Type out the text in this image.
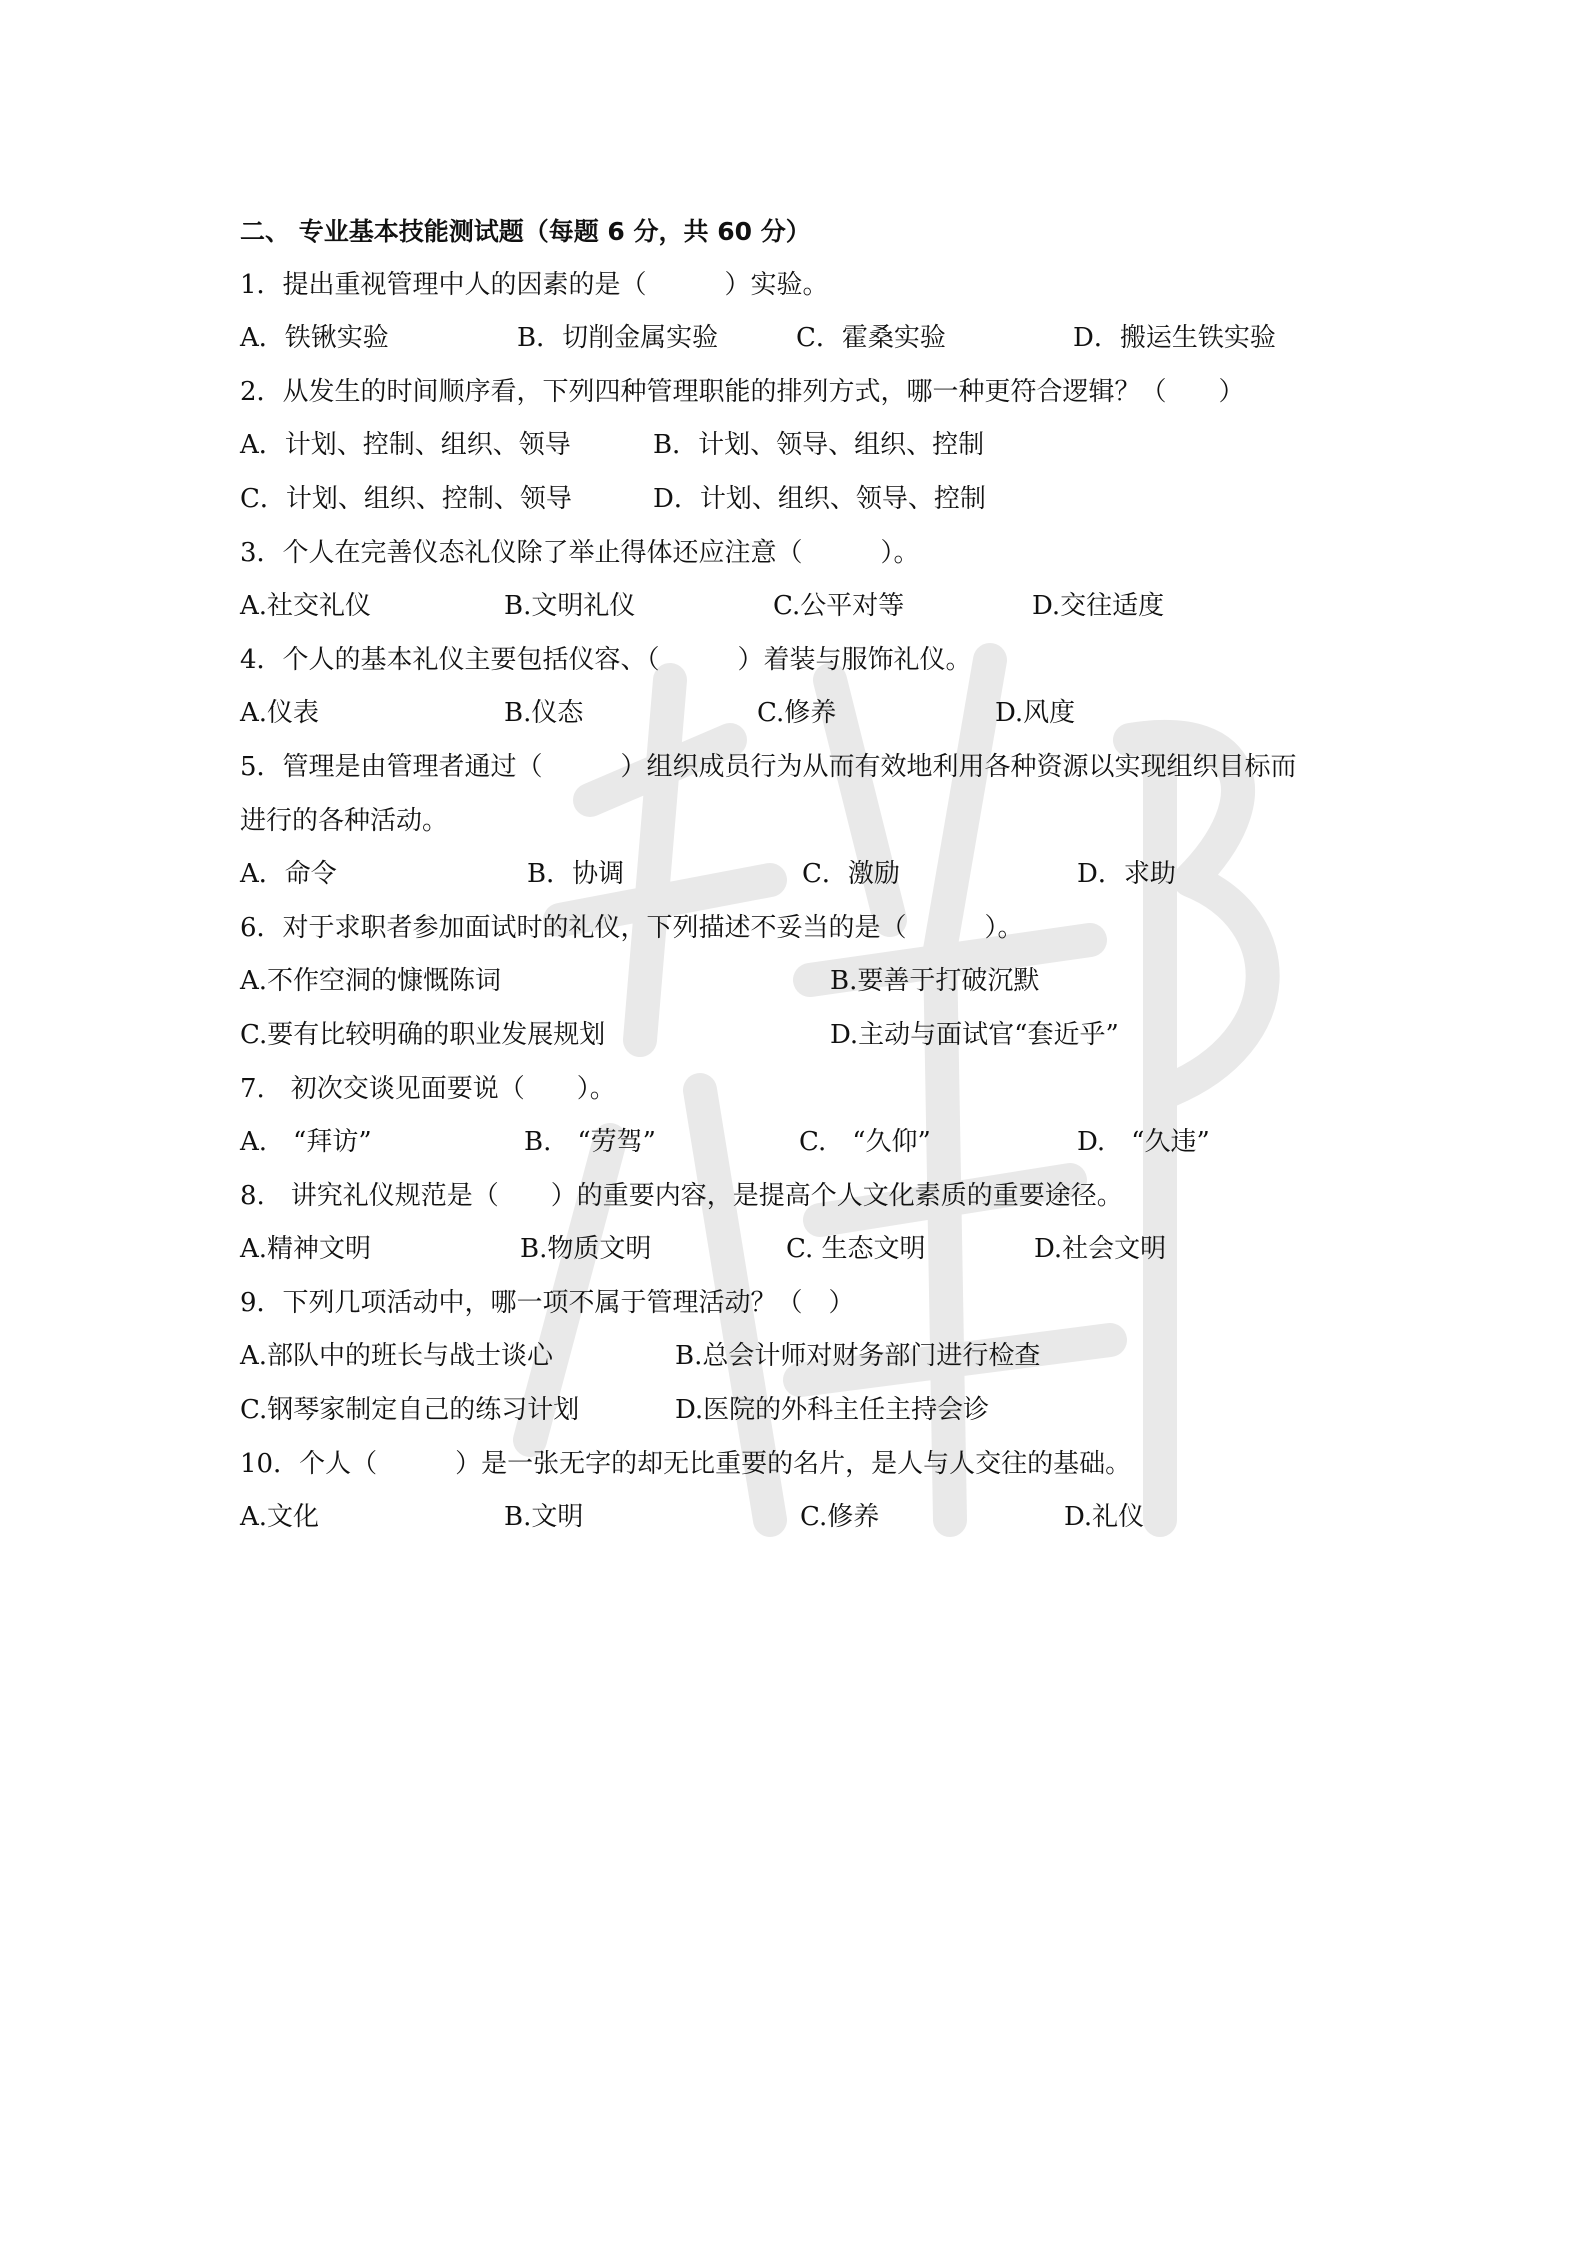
二、 专业基本技能测试题（每题 6 分，共 60 分）
1．提出重视管理中人的因素的是（　　　）实验。
A．铁锹实验	B．切削金属实验	C．霍桑实验	D．搬运生铁实验
2．从发生的时间顺序看，下列四种管理职能的排列方式，哪一种更符合逻辑？（　　）
A．计划、控制、组织、领导	B．计划、领导、组织、控制
C．计划、组织、控制、领导	D．计划、组织、领导、控制
3．个人在完善仪态礼仪除了举止得体还应注意（　　　）。
A.社交礼仪	B.文明礼仪	C.公平对等	D.交往适度
4．个人的基本礼仪主要包括仪容、（　　　）着装与服饰礼仪。
A.仪表	B.仪态	C.修养	D.风度
5．管理是由管理者通过（　　　）组织成员行为从而有效地利用各种资源以实现组织目标而
进行的各种活动。
A．命令	B．协调	C．激励	D．求助
6．对于求职者参加面试时的礼仪，下列描述不妥当的是（　　　）。
A.不作空洞的慷慨陈词	B.要善于打破沉默
C.要有比较明确的职业发展规划	D.主动与面试官“套近乎”
7.　初次交谈见面要说（　　）。
A.　“拜访”	B.　“劳驾”	C.　“久仰”	D.　“久违”
8.　讲究礼仪规范是（　　）的重要内容，是提高个人文化素质的重要途径。
A.精神文明	B.物质文明	C. 生态文明	D.社会文明
9．下列几项活动中，哪一项不属于管理活动？（　）
A.部队中的班长与战士谈心	B.总会计师对财务部门进行检查
C.钢琴家制定自己的练习计划	D.医院的外科主任主持会诊
10．个人（　　　）是一张无字的却无比重要的名片，是人与人交往的基础。
A.文化	B.文明	C.修养	D.礼仪
